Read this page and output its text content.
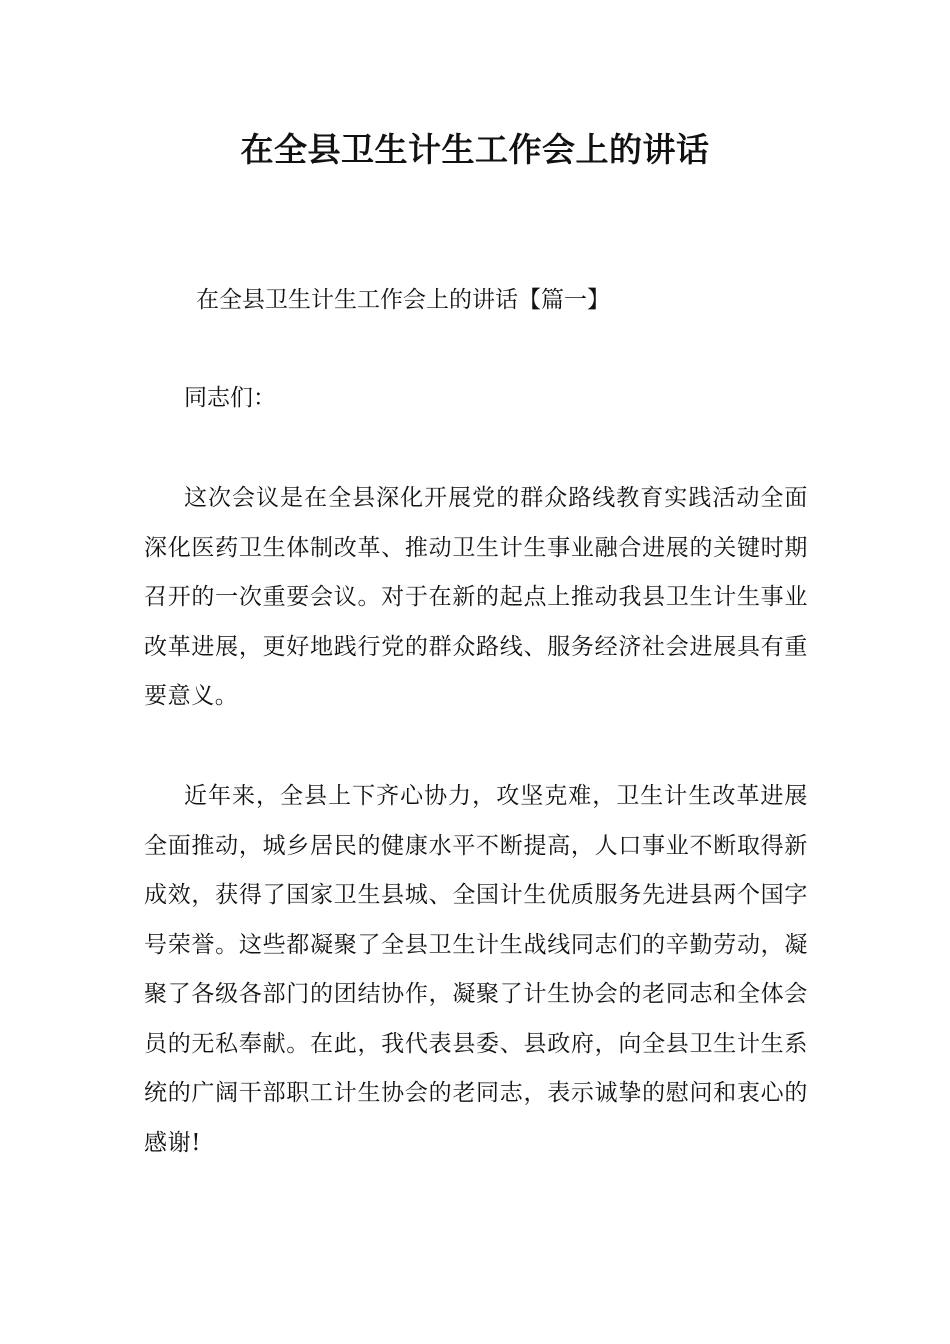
在全县卫生计生工作会上的讲话

在全县卫生计生工作会上的讲话【篇一】

同志们：

这次会议是在全县深化开展党的群众路线教育实践活动全面深化医药卫生体制改革、推动卫生计生事业融合进展的关键时期召开的一次重要会议。对于在新的起点上推动我县卫生计生事业改革进展，更好地践行党的群众路线、服务经济社会进展具有重要意义。

近年来，全县上下齐心协力，攻坚克难，卫生计生改革进展全面推动，城乡居民的健康水平不断提高，人口事业不断取得新成效，获得了国家卫生县城、全国计生优质服务先进县两个国字号荣誉。这些都凝聚了全县卫生计生战线同志们的辛勤劳动，凝聚了各级各部门的团结协作，凝聚了计生协会的老同志和全体会员的无私奉献。在此，我代表县委、县政府，向全县卫生计生系统的广阔干部职工计生协会的老同志，表示诚挚的慰问和衷心的感谢!
